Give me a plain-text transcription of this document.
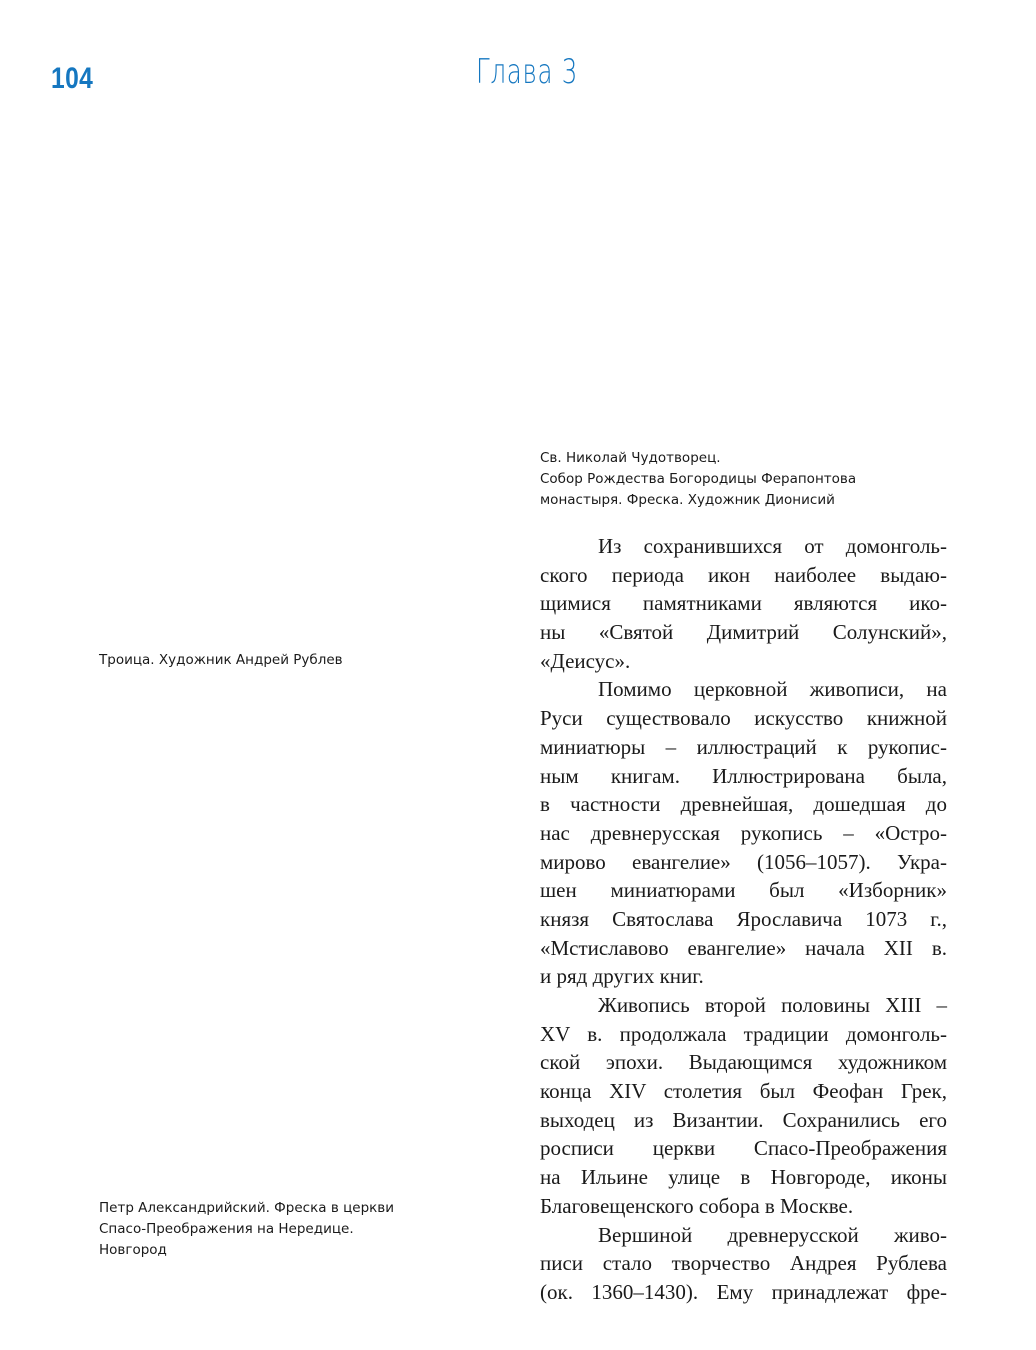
104	Глава 3
Св. Николай Чудотворец.
Собор Рождества Богородицы Ферапонтова
монастыря. Фреска. Художник Дионисий
Троица. Художник Андрей Рублев
Петр Александрийский. Фреска в церкви
Спасо-Преображения на Нередице.
Новгород
Из сохранившихся от домонголь-
ского периода икон наиболее выдаю-
щимися памятниками являются ико-
ны «Святой Димитрий Солунский»,
«Деисус».
Помимо церковной живописи, на
Руси существовало искусство книжной
миниатюры – иллюстраций к рукопис-
ным книгам. Иллюстрирована была,
в частности древнейшая, дошедшая до
нас древнерусская рукопись – «Остро-
мирово евангелие» (1056–1057). Укра-
шен миниатюрами был «Изборник»
князя Святослава Ярославича 1073 г.,
«Мстиславово евангелие» начала XII в.
и ряд других книг.
Живопись второй половины XIII –
XV в. продолжала традиции домонголь-
ской эпохи. Выдающимся художником
конца XIV столетия был Феофан Грек,
выходец из Византии. Сохранились его
росписи церкви Спасо-Преображения
на Ильине улице в Новгороде, иконы
Благовещенского собора в Москве.
Вершиной древнерусской живо-
писи стало творчество Андрея Рублева
(ок. 1360–1430). Ему принадлежат фре-
